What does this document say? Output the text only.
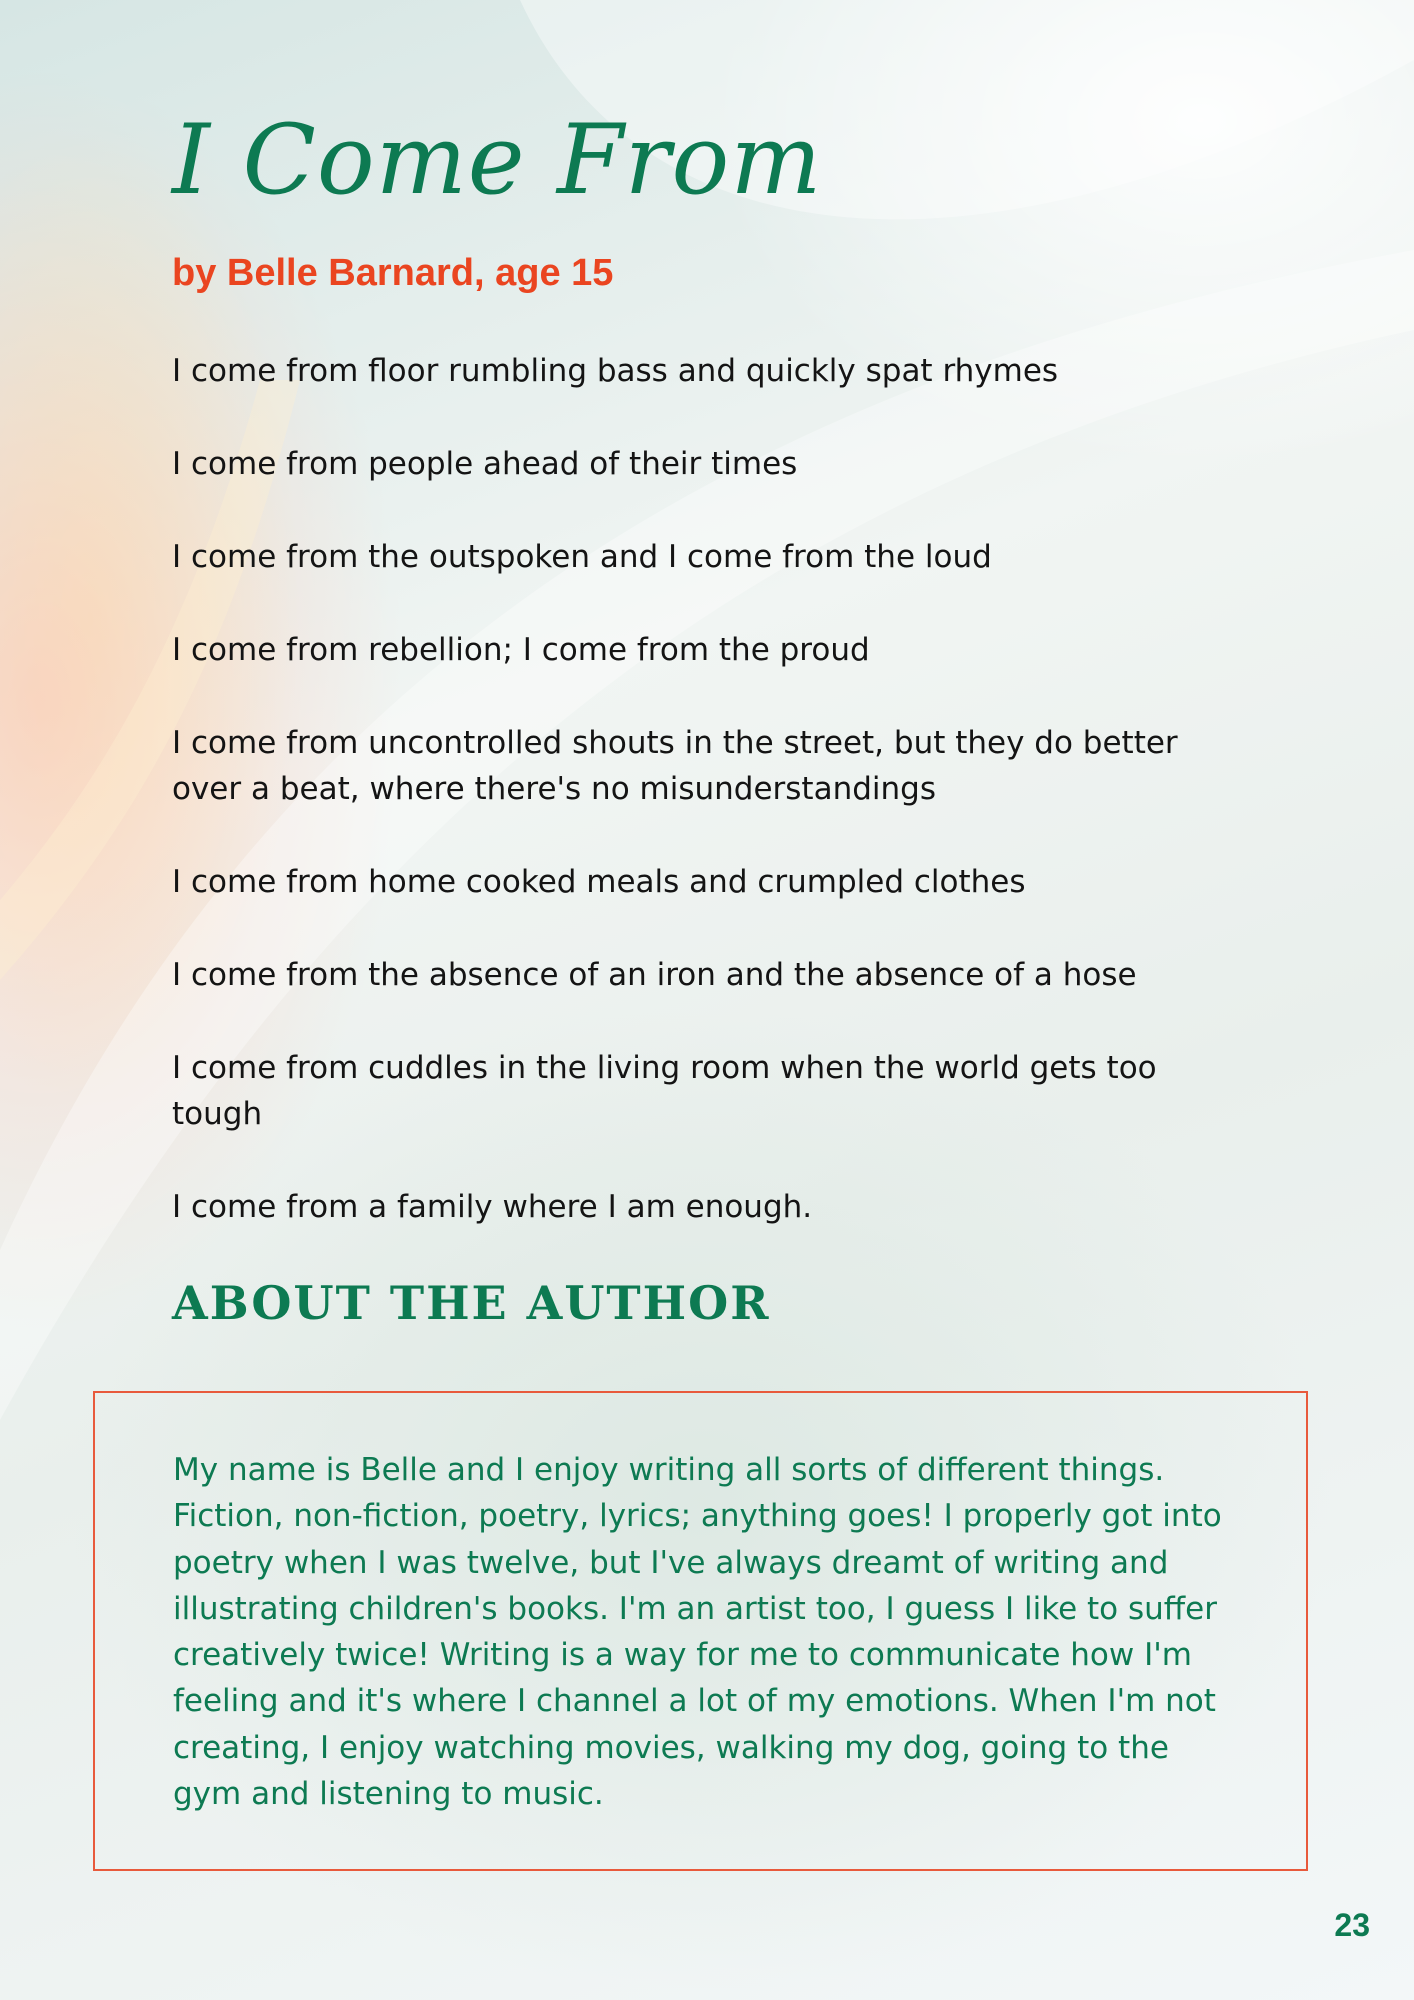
I Come From

by Belle Barnard, age 15

I come from floor rumbling bass and quickly spat rhymes
I come from people ahead of their times
I come from the outspoken and I come from the loud
I come from rebellion; I come from the proud
I come from uncontrolled shouts in the street, but they do better over a beat, where there's no misunderstandings
I come from home cooked meals and crumpled clothes
I come from the absence of an iron and the absence of a hose
I come from cuddles in the living room when the world gets too tough
I come from a family where I am enough.
ABOUT THE AUTHOR

My name is Belle and I enjoy writing all sorts of different things. Fiction, non-fiction, poetry, lyrics; anything goes! I properly got into poetry when I was twelve, but I've always dreamt of writing and illustrating children's books. I'm an artist too, I guess I like to suffer creatively twice! Writing is a way for me to communicate how I'm feeling and it's where I channel a lot of my emotions. When I'm not creating, I enjoy watching movies, walking my dog, going to the gym and listening to music.

23
